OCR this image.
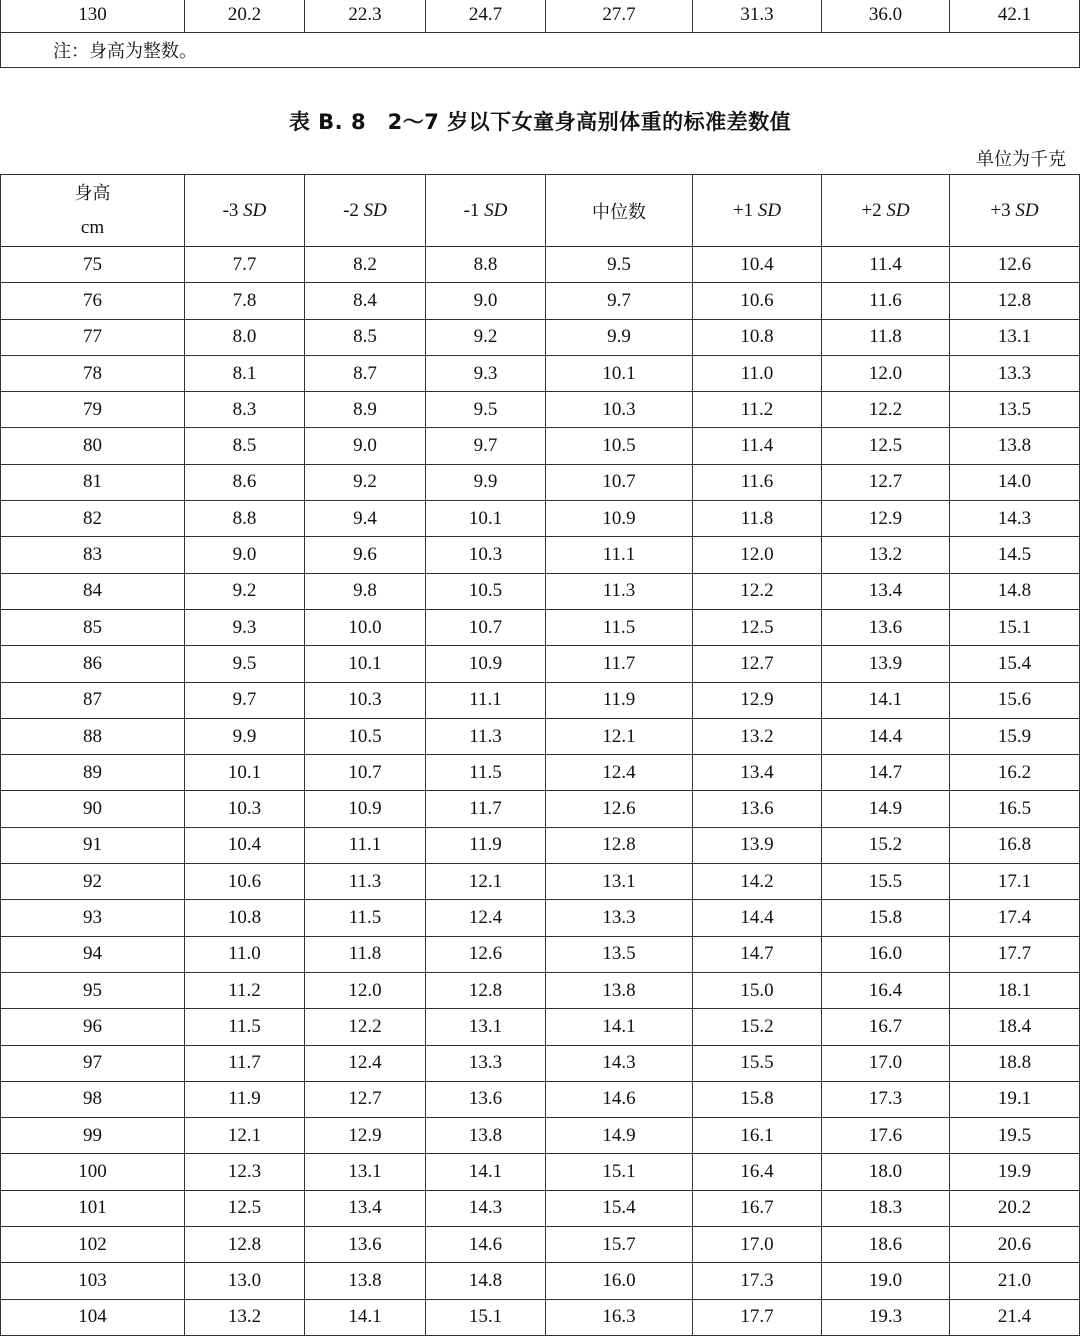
130	20.2	22.3	24.7	27.7	31.3	36.0	42.1
注：身高为整数。
表 B. 8　2～7 岁以下女童身高别体重的标准差数值
单位为千克
身高
cm	-3 SD	-2 SD	-1 SD	中位数	+1 SD	+2 SD	+3 SD
75	7.7	8.2	8.8	9.5	10.4	11.4	12.6
76	7.8	8.4	9.0	9.7	10.6	11.6	12.8
77	8.0	8.5	9.2	9.9	10.8	11.8	13.1
78	8.1	8.7	9.3	10.1	11.0	12.0	13.3
79	8.3	8.9	9.5	10.3	11.2	12.2	13.5
80	8.5	9.0	9.7	10.5	11.4	12.5	13.8
81	8.6	9.2	9.9	10.7	11.6	12.7	14.0
82	8.8	9.4	10.1	10.9	11.8	12.9	14.3
83	9.0	9.6	10.3	11.1	12.0	13.2	14.5
84	9.2	9.8	10.5	11.3	12.2	13.4	14.8
85	9.3	10.0	10.7	11.5	12.5	13.6	15.1
86	9.5	10.1	10.9	11.7	12.7	13.9	15.4
87	9.7	10.3	11.1	11.9	12.9	14.1	15.6
88	9.9	10.5	11.3	12.1	13.2	14.4	15.9
89	10.1	10.7	11.5	12.4	13.4	14.7	16.2
90	10.3	10.9	11.7	12.6	13.6	14.9	16.5
91	10.4	11.1	11.9	12.8	13.9	15.2	16.8
92	10.6	11.3	12.1	13.1	14.2	15.5	17.1
93	10.8	11.5	12.4	13.3	14.4	15.8	17.4
94	11.0	11.8	12.6	13.5	14.7	16.0	17.7
95	11.2	12.0	12.8	13.8	15.0	16.4	18.1
96	11.5	12.2	13.1	14.1	15.2	16.7	18.4
97	11.7	12.4	13.3	14.3	15.5	17.0	18.8
98	11.9	12.7	13.6	14.6	15.8	17.3	19.1
99	12.1	12.9	13.8	14.9	16.1	17.6	19.5
100	12.3	13.1	14.1	15.1	16.4	18.0	19.9
101	12.5	13.4	14.3	15.4	16.7	18.3	20.2
102	12.8	13.6	14.6	15.7	17.0	18.6	20.6
103	13.0	13.8	14.8	16.0	17.3	19.0	21.0
104	13.2	14.1	15.1	16.3	17.7	19.3	21.4
